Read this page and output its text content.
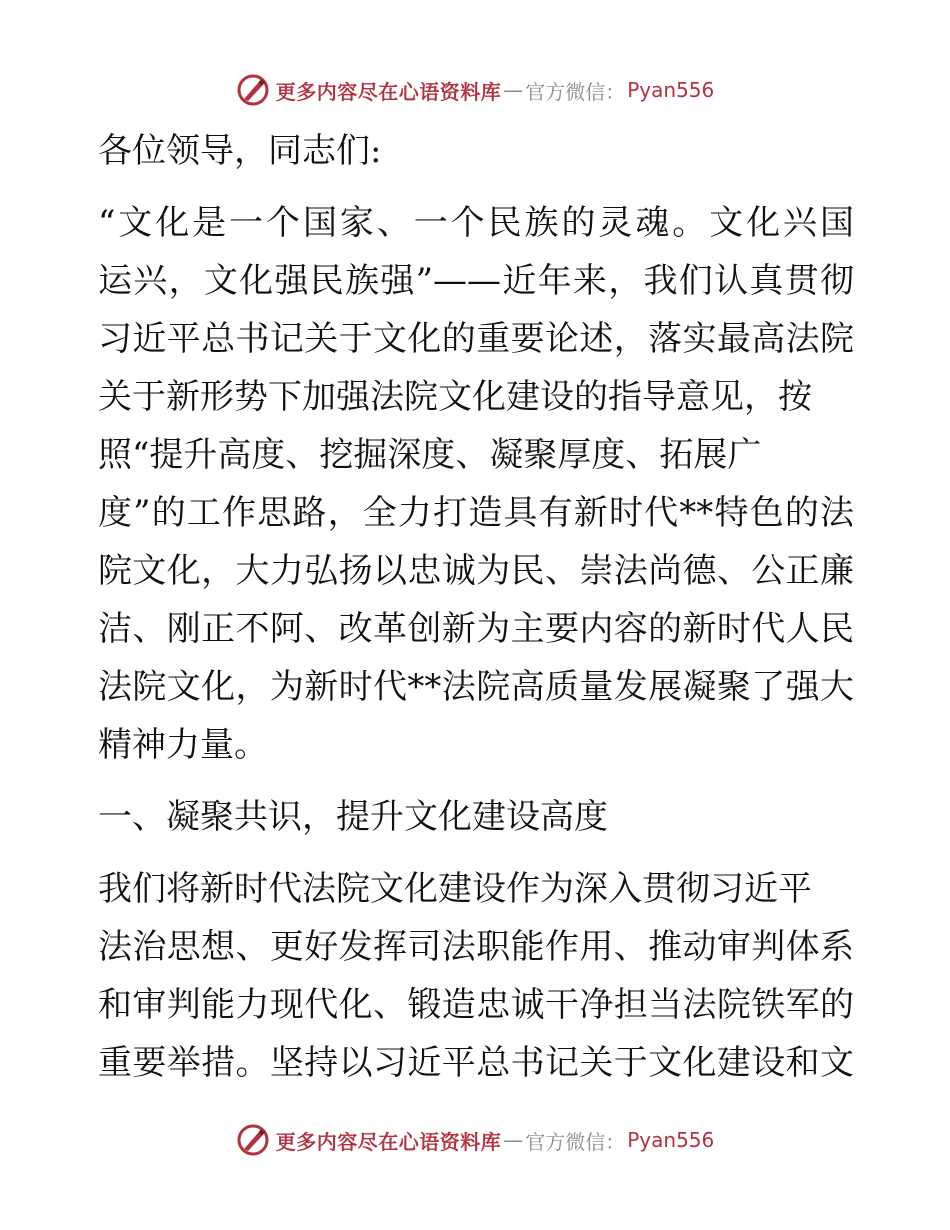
更多内容尽在心语资料库 — 官方微信： Pyan556
各位领导，同志们:
“文化是一个国家、一个民族的灵魂。文化兴国
运兴，文化强民族强”——近年来，我们认真贯彻
习近平总书记关于文化的重要论述，落实最高法院
关于新形势下加强法院文化建设的指导意见，按
照“提升高度、挖掘深度、凝聚厚度、拓展广
度”的工作思路，全力打造具有新时代**特色的法
院文化，大力弘扬以忠诚为民、崇法尚德、公正廉
洁、刚正不阿、改革创新为主要内容的新时代人民
法院文化，为新时代**法院高质量发展凝聚了强大
精神力量。
一、凝聚共识，提升文化建设高度
我们将新时代法院文化建设作为深入贯彻习近平
法治思想、更好发挥司法职能作用、推动审判体系
和审判能力现代化、锻造忠诚干净担当法院铁军的
重要举措。坚持以习近平总书记关于文化建设和文
更多内容尽在心语资料库 — 官方微信： Pyan556
